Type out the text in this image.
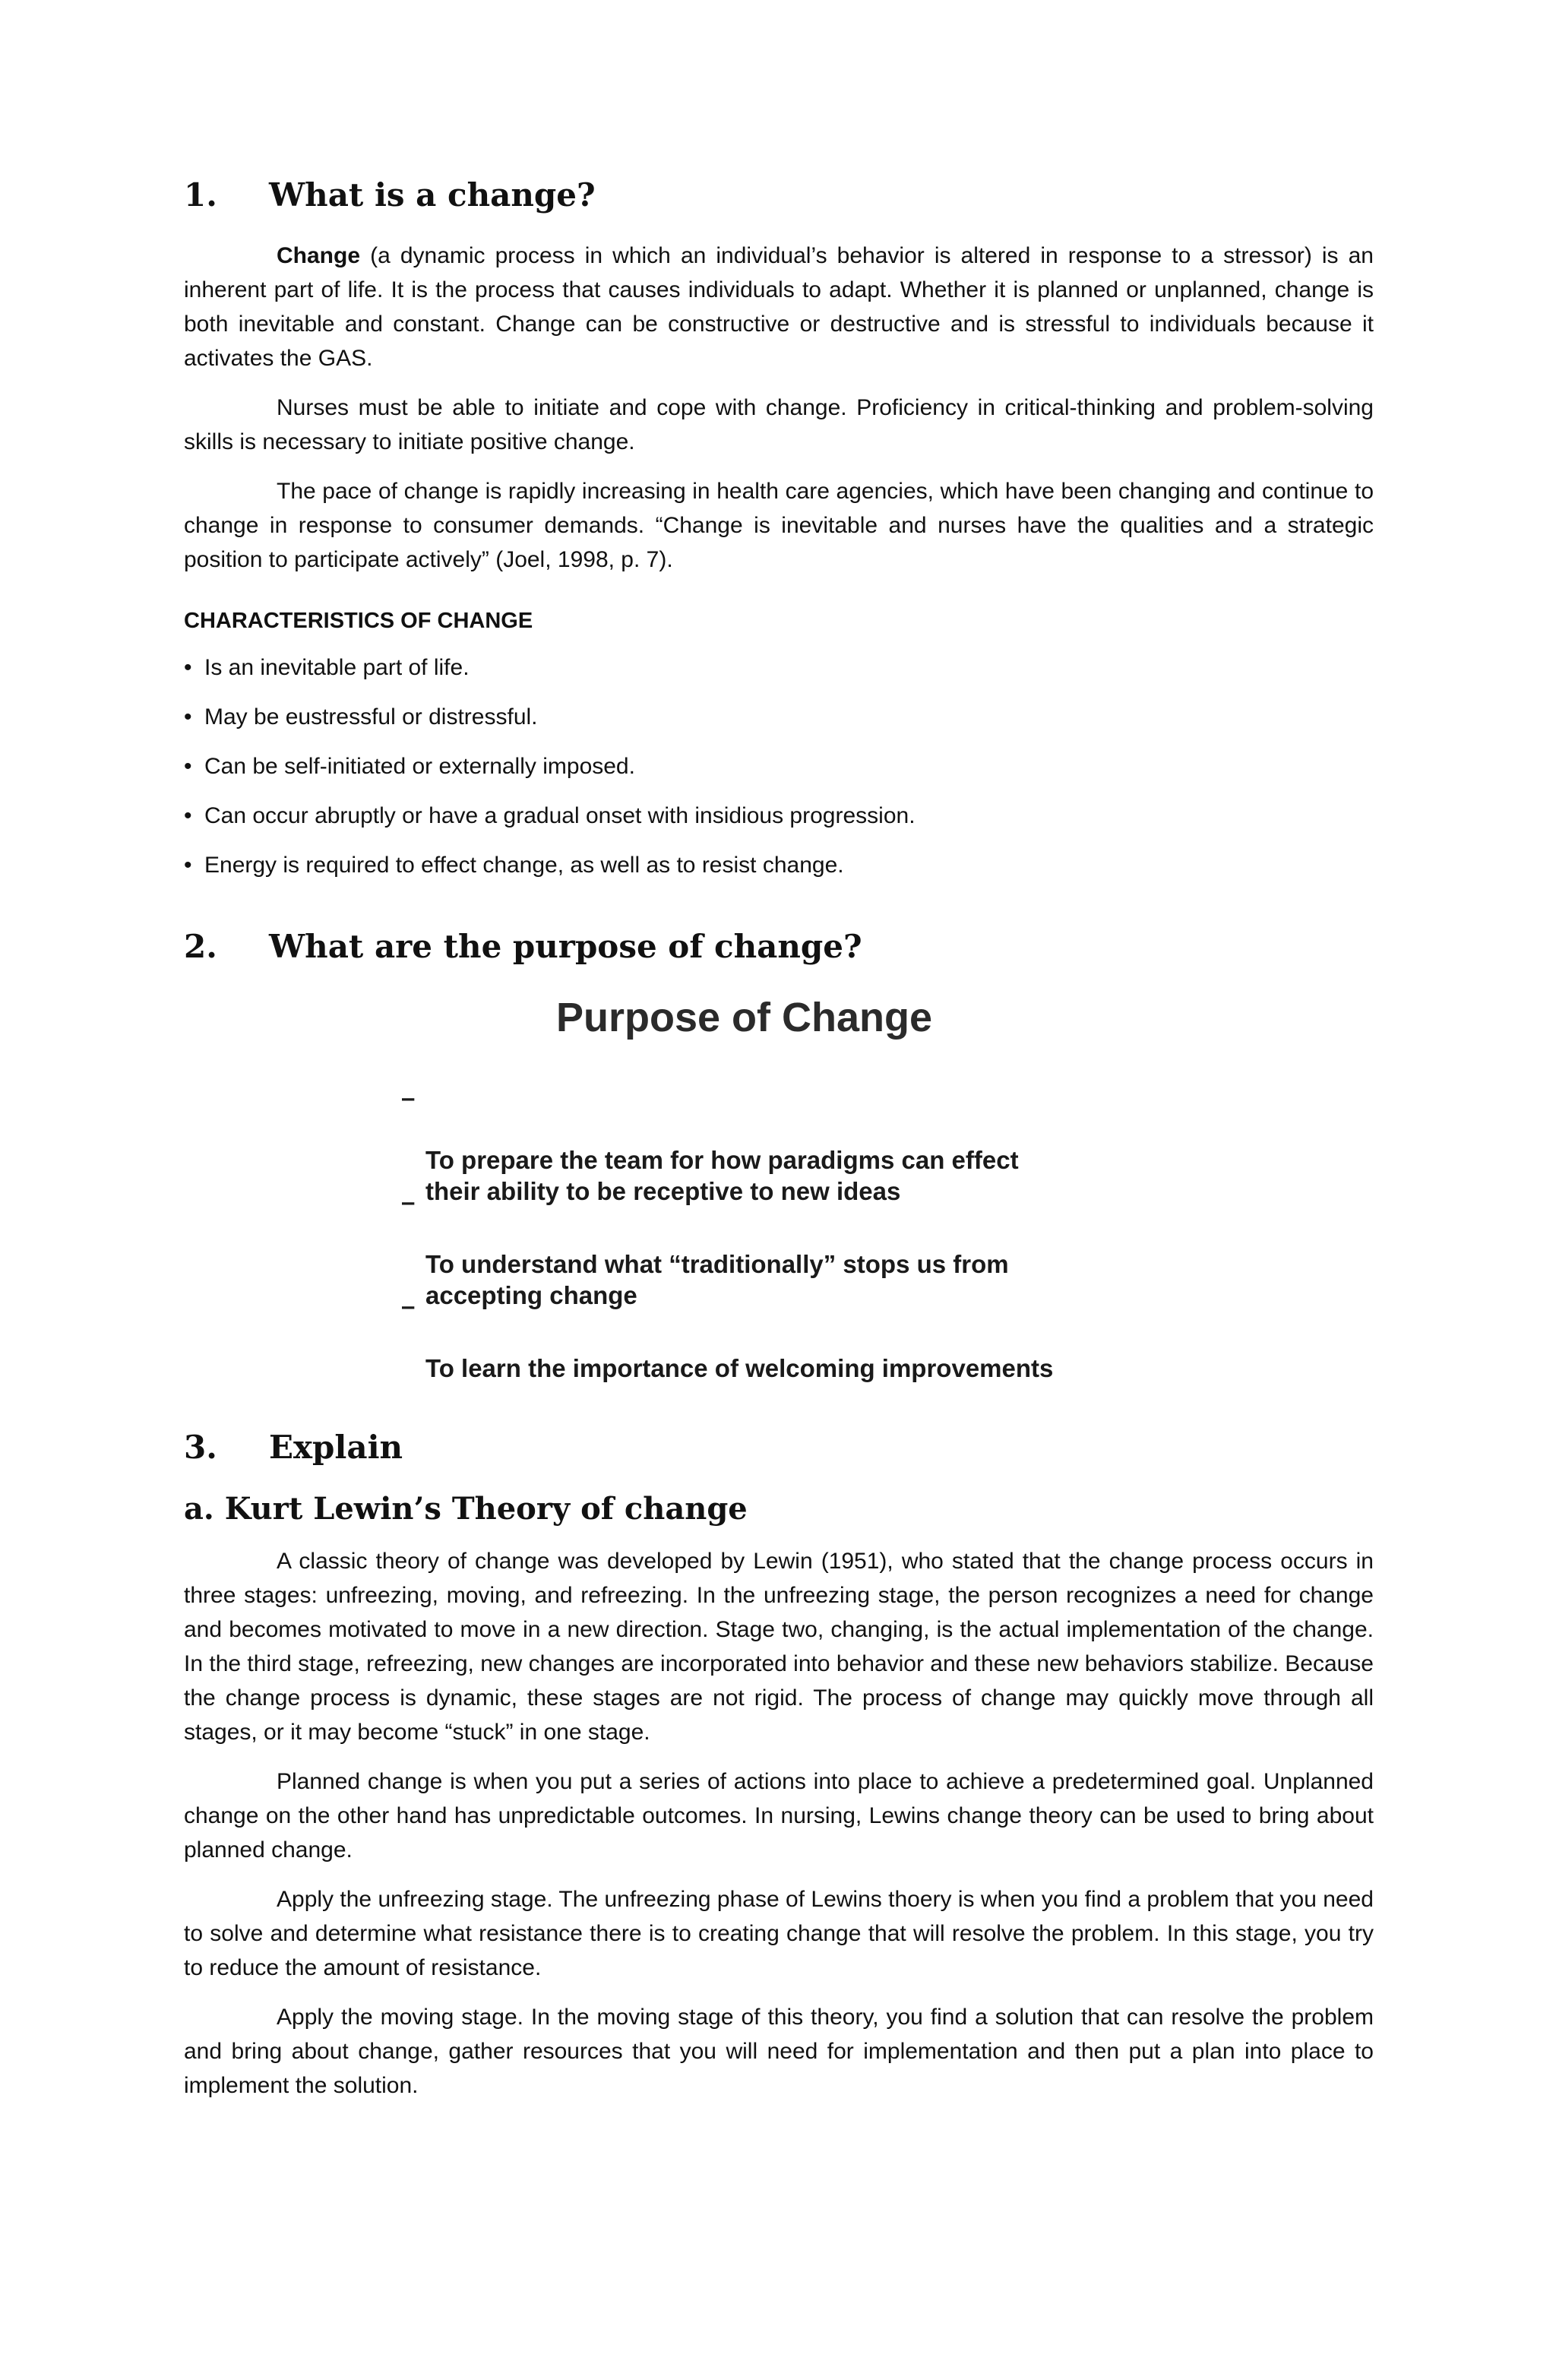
1.	What is a change?

Change (a dynamic process in which an individual’s behavior is altered in response to a stressor) is an inherent part of life. It is the process that causes individuals to adapt. Whether it is planned or unplanned, change is both inevitable and constant. Change can be constructive or destructive and is stressful to individuals because it activates the GAS.

Nurses must be able to initiate and cope with change. Proficiency in critical-thinking and problem-solving skills is necessary to initiate positive change.

The pace of change is rapidly increasing in health care agencies, which have been changing and continue to change in response to consumer demands. “Change is inevitable and nurses have the qualities and a strategic position to participate actively” (Joel, 1998, p. 7).

CHARACTERISTICS OF CHANGE
• Is an inevitable part of life.
• May be eustressful or distressful.
• Can be self-initiated or externally imposed.
• Can occur abruptly or have a gradual onset with insidious progression.
• Energy is required to effect change, as well as to resist change.
2.	What are the purpose of change?
Purpose of Change

–

To prepare the team for how paradigms can effect
their ability to be receptive to new ideas

–

To understand what “traditionally” stops us from
accepting change

–

To learn the importance of welcoming improvements

3.	Explain
a. Kurt Lewin’s Theory of change

A classic theory of change was developed by Lewin (1951), who stated that the change process occurs in three stages: unfreezing, moving, and refreezing. In the unfreezing stage, the person recognizes a need for change and becomes motivated to move in a new direction. Stage two, changing, is the actual implementation of the change. In the third stage, refreezing, new changes are incorporated into behavior and these new behaviors stabilize. Because the change process is dynamic, these stages are not rigid. The process of change may quickly move through all stages, or it may become “stuck” in one stage.

Planned change is when you put a series of actions into place to achieve a predetermined goal. Unplanned change on the other hand has unpredictable outcomes. In nursing, Lewins change theory can be used to bring about planned change.

Apply the unfreezing stage. The unfreezing phase of Lewins thoery is when you find a problem that you need to solve and determine what resistance there is to creating change that will resolve the problem. In this stage, you try to reduce the amount of resistance.

Apply the moving stage. In the moving stage of this theory, you find a solution that can resolve the problem and bring about change, gather resources that you will need for implementation and then put a plan into place to implement the solution.
